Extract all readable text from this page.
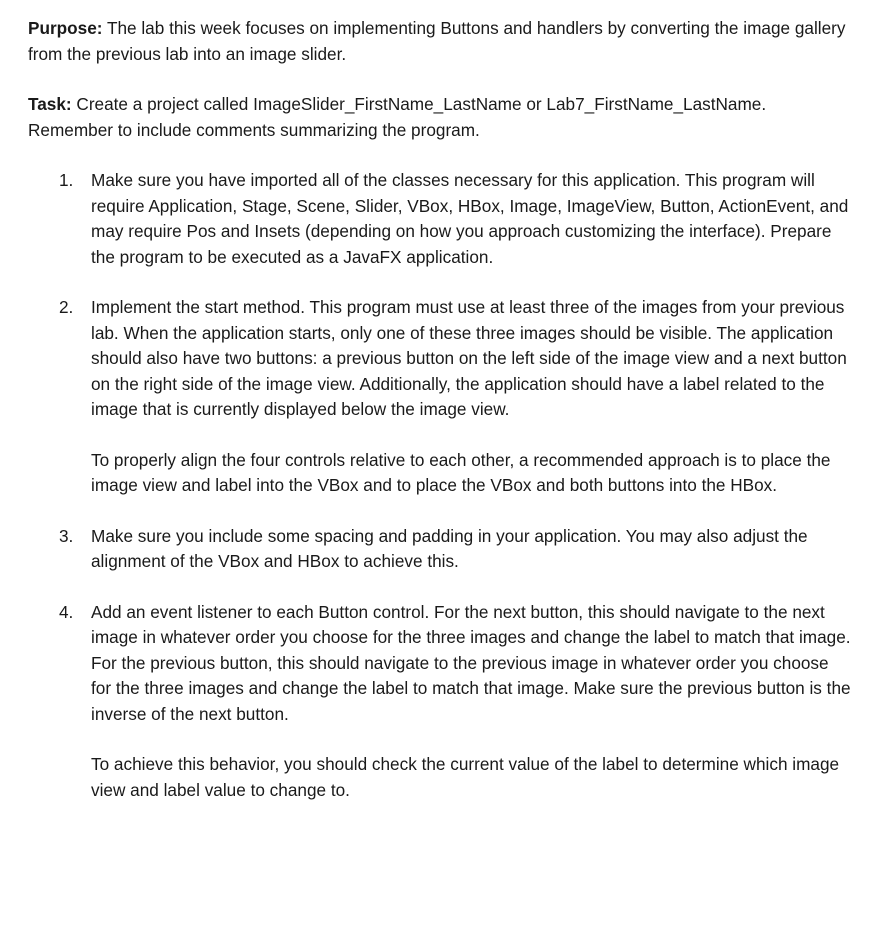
Purpose: The lab this week focuses on implementing Buttons and handlers by converting the image gallery from the previous lab into an image slider.

Task: Create a project called ImageSlider_FirstName_LastName or Lab7_FirstName_LastName. Remember to include comments summarizing the program.

1. Make sure you have imported all of the classes necessary for this application. This program will require Application, Stage, Scene, Slider, VBox, HBox, Image, ImageView, Button, ActionEvent, and may require Pos and Insets (depending on how you approach customizing the interface). Prepare the program to be executed as a JavaFX application.
2. Implement the start method. This program must use at least three of the images from your previous lab. When the application starts, only one of these three images should be visible. The application should also have two buttons: a previous button on the left side of the image view and a next button on the right side of the image view. Additionally, the application should have a label related to the image that is currently displayed below the image view.
To properly align the four controls relative to each other, a recommended approach is to place the image view and label into the VBox and to place the VBox and both buttons into the HBox.
3. Make sure you include some spacing and padding in your application. You may also adjust the alignment of the VBox and HBox to achieve this.
4. Add an event listener to each Button control. For the next button, this should navigate to the next image in whatever order you choose for the three images and change the label to match that image. For the previous button, this should navigate to the previous image in whatever order you choose for the three images and change the label to match that image. Make sure the previous button is the inverse of the next button.
To achieve this behavior, you should check the current value of the label to determine which image view and label value to change to.
